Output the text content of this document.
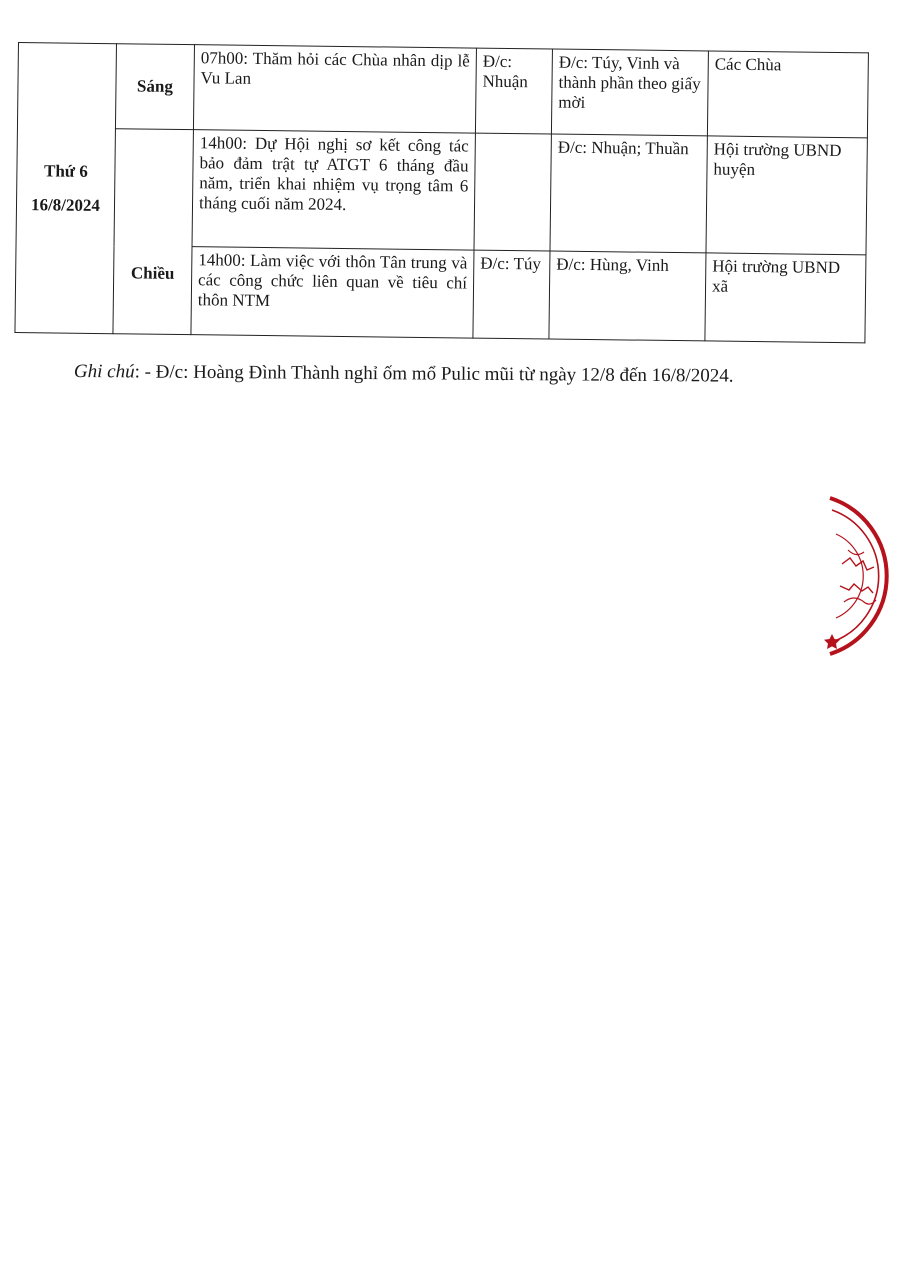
Thứ 6
16/8/2024	Sáng	07h00: Thăm hỏi các Chùa nhân dịp lễ Vu Lan	Đ/c: Nhuận	Đ/c: Túy, Vinh và thành phần theo giấy mời	Các Chùa
	Chiều	14h00: Dự Hội nghị sơ kết công tác bảo đảm trật tự ATGT 6 tháng đầu năm, triển khai nhiệm vụ trọng tâm 6 tháng cuối năm 2024.		Đ/c: Nhuận; Thuần	Hội trường UBND huyện
		14h00: Làm việc với thôn Tân trung và các công chức liên quan về tiêu chí thôn NTM	Đ/c: Túy	Đ/c: Hùng, Vinh	Hội trường UBND xã
Ghi chú: - Đ/c: Hoàng Đình Thành nghỉ ốm mổ Pulic mũi từ ngày 12/8 đến 16/8/2024.
